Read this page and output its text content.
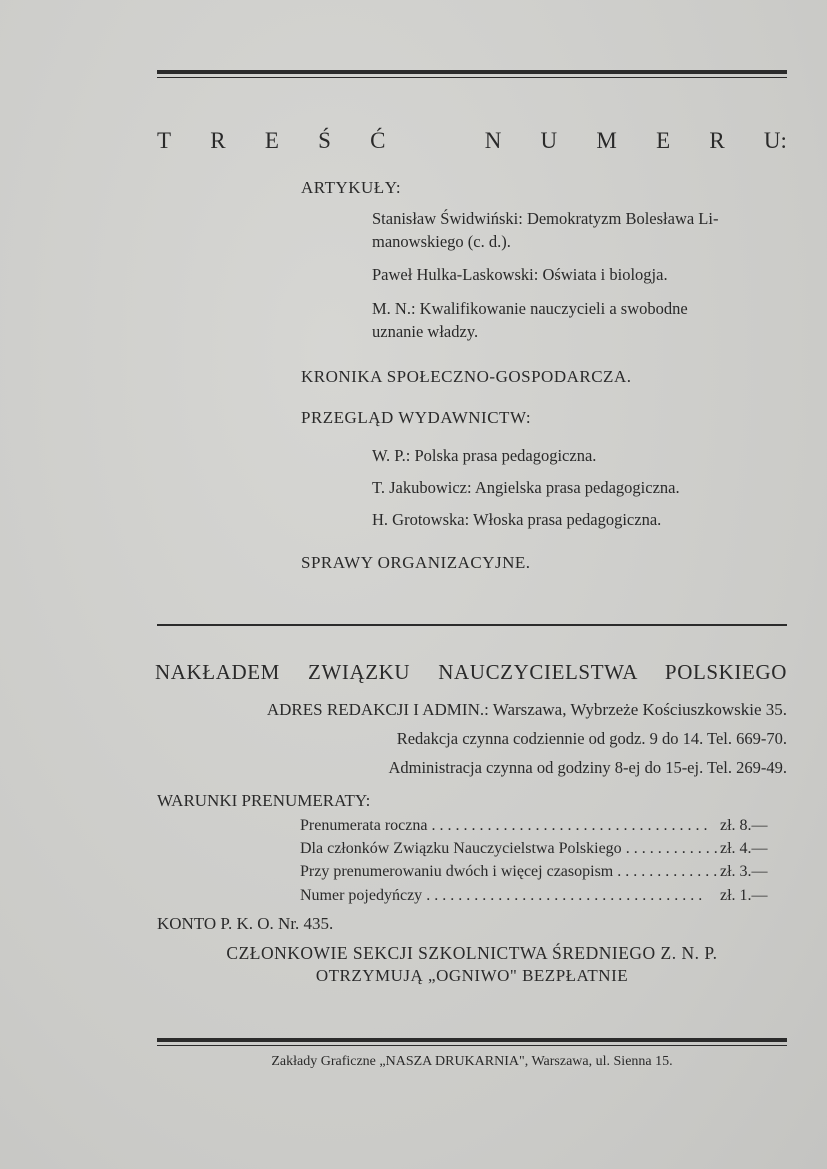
T R E Ś Ć	N U M E R U:
ARTYKUŁY:
Stanisław Świdwiński: Demokratyzm Bolesława Li-
manowskiego (c. d.).
Paweł Hulka-Laskowski: Oświata i biologja.
M. N.: Kwalifikowanie nauczycieli a swobodne
uznanie władzy.
KRONIKA SPOŁECZNO-GOSPODARCZA.
PRZEGLĄD WYDAWNICTW:
W. P.: Polska prasa pedagogiczna.
T. Jakubowicz: Angielska prasa pedagogiczna.
H. Grotowska: Włoska prasa pedagogiczna.
SPRAWY ORGANIZACYJNE.
NAKŁADEM ZWIĄZKU NAUCZYCIELSTWA POLSKIEGO
ADRES REDAKCJI I ADMIN.: Warszawa, Wybrzeże Kościuszkowskie 35.
Redakcja czynna codziennie od godz. 9 do 14. Tel. 669-70.
Administracja czynna od godziny 8-ej do 15-ej. Tel. 269-49.
WARUNKI PRENUMERATY:
Prenumerata roczna . . .	zł. 8.—
Dla członków Związku Nauczycielstwa Polskiego . . .	zł. 4.—
Przy prenumerowaniu dwóch i więcej czasopism . . .	zł. 3.—
Numer pojedyńczy . . .	zł. 1.—
KONTO P. K. O. Nr. 435.
CZŁONKOWIE SEKCJI SZKOLNICTWA ŚREDNIEGO Z. N. P.
OTRZYMUJĄ „OGNIWO" BEZPŁATNIE
Zakłady Graficzne „NASZA DRUKARNIA", Warszawa, ul. Sienna 15.
